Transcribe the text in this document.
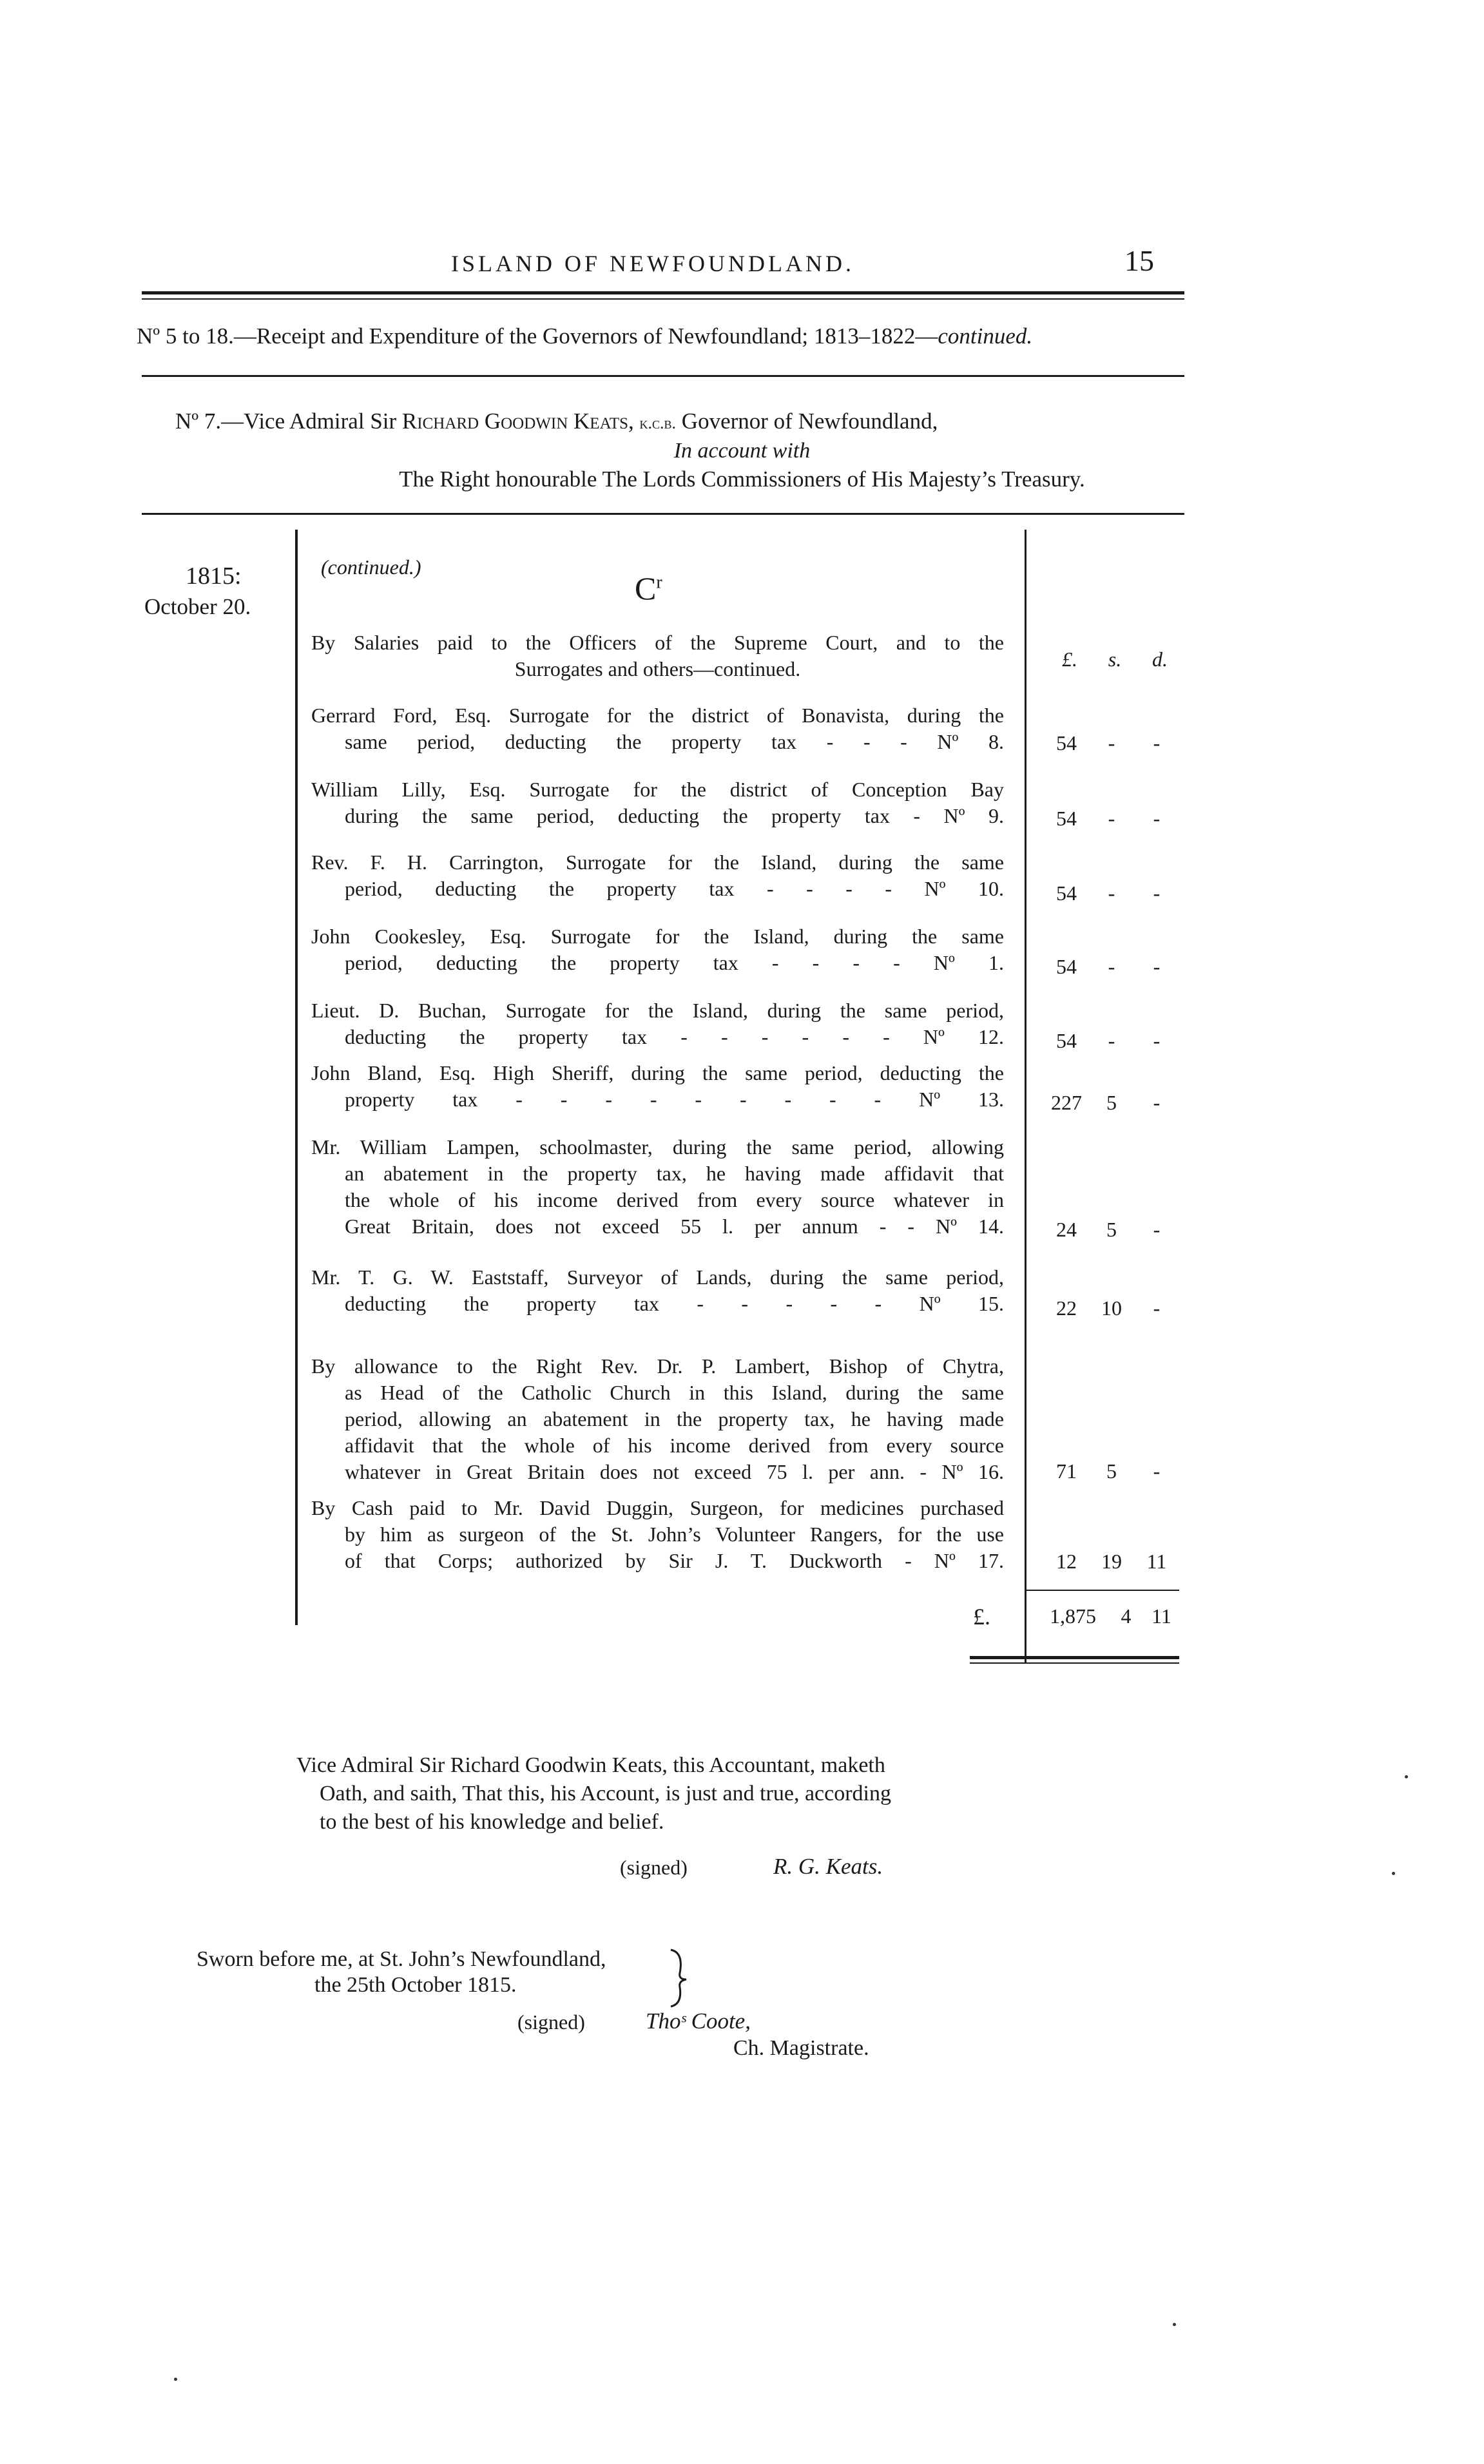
ISLAND OF NEWFOUNDLAND.	15
Nº 5 to 18.—Receipt and Expenditure of the Governors of Newfoundland; 1813–1822—continued.
Nº 7.—Vice Admiral Sir Richard Goodwin Keats, k.c.b. Governor of Newfoundland,
In account with
The Right honourable The Lords Commissioners of His Majesty’s Treasury.
1815:
October 20.
(continued.)
$C^r$
By Salaries paid to the Officers of the Supreme Court, and to the
Surrogates and others—continued.	£. s. d.
Gerrard Ford, Esq. Surrogate for the district of Bonavista, during the
same period, deducting the property tax - - - Nº 8.	54 - -
William Lilly, Esq. Surrogate for the district of Conception Bay
during the same period, deducting the property tax - Nº 9.	54 - -
Rev. F. H. Carrington, Surrogate for the Island, during the same
period, deducting the property tax - - - - Nº 10.	54 - -
John Cookesley, Esq. Surrogate for the Island, during the same
period, deducting the property tax - - - - Nº 1.	54 - -
Lieut. D. Buchan, Surrogate for the Island, during the same period,
deducting the property tax - - - - - - Nº 12.	54 - -
John Bland, Esq. High Sheriff, during the same period, deducting the
property tax - - - - - - - - - Nº 13.	227 5 -
Mr. William Lampen, schoolmaster, during the same period, allowing
an abatement in the property tax, he having made affidavit that
the whole of his income derived from every source whatever in
Great Britain, does not exceed 55 l. per annum - - Nº 14.	24 5 -
Mr. T. G. W. Eaststaff, Surveyor of Lands, during the same period,
deducting the property tax - - - - - Nº 15.	22 10 -
By allowance to the Right Rev. Dr. P. Lambert, Bishop of Chytra,
as Head of the Catholic Church in this Island, during the same
period, allowing an abatement in the property tax, he having made
affidavit that the whole of his income derived from every source
whatever in Great Britain does not exceed 75 l. per ann. - Nº 16.	71 5 -
By Cash paid to Mr. David Duggin, Surgeon, for medicines purchased
by him as surgeon of the St. John’s Volunteer Rangers, for the use
of that Corps; authorized by Sir J. T. Duckworth - Nº 17.	12 19 11
£.	1,875 4 11
Vice Admiral Sir Richard Goodwin Keats, this Accountant, maketh
Oath, and saith, That this, his Account, is just and true, according
to the best of his knowledge and belief.
(signed)	R. G. Keats.
Sworn before me, at St. John’s Newfoundland,
the 25th October 1815.
(signed)	Thoˢ Coote,
Ch. Magistrate.
